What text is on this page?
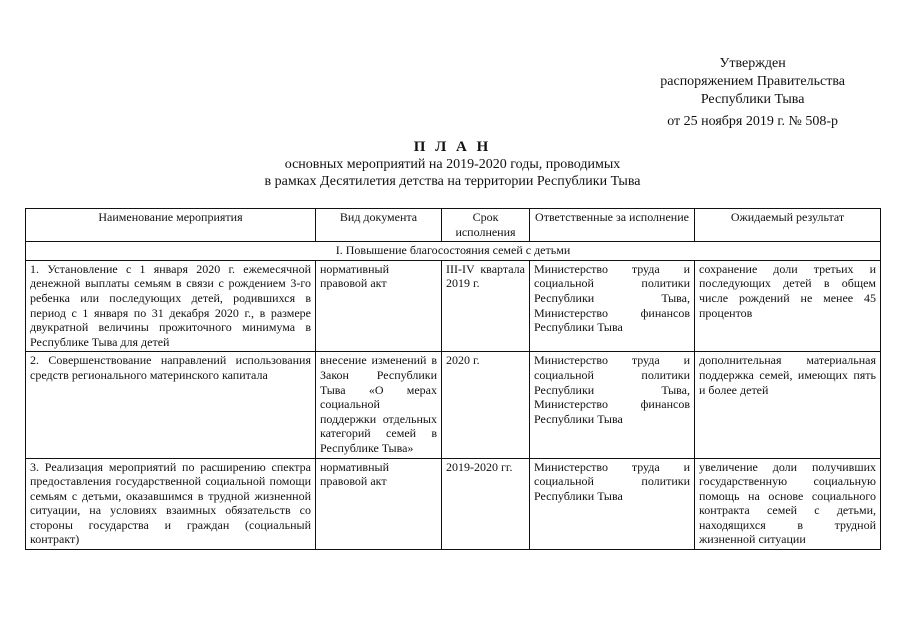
Утвержден
распоряжением Правительства
Республики Тыва
от 25 ноября 2019 г. № 508-р
П Л А Н
основных мероприятий на 2019-2020 годы, проводимых
в рамках Десятилетия детства на территории Республики Тыва
Наименование мероприятия	Вид документа	Срок исполнения	Ответственные за исполнение	Ожидаемый результат
I. Повышение благосостояния семей с детьми				
1. Установление с 1 января 2020 г. ежемесячной денежной выплаты семьям в связи с рождением 3-го ребенка или последующих детей, родившихся в период с 1 января по 31 декабря 2020 г., в размере двукратной величины прожиточного минимума в Республике Тыва для детей	нормативный правовой акт	III-IV квартала 2019 г.	Министерство труда и социальной политики Республики Тыва, Министерство финансов Республики Тыва	сохранение доли третьих и последующих детей в общем числе рождений не менее 45 процентов
2. Совершенствование направлений использования средств регионального материнского капитала	внесение изменений в Закон Республики Тыва «О мерах социальной поддержки отдельных категорий семей в Республике Тыва»	2020 г.	Министерство труда и социальной политики Республики Тыва, Министерство финансов Республики Тыва	дополнительная материальная поддержка семей, имеющих пять и более детей
3. Реализация мероприятий по расширению спектра предоставления государственной социальной помощи семьям с детьми, оказавшимся в трудной жизненной ситуации, на условиях взаимных обязательств со стороны государства и граждан (социальный контракт)	нормативный правовой акт	2019-2020 гг.	Министерство труда и социальной политики Республики Тыва	увеличение доли получивших государственную социальную помощь на основе социального контракта семей с детьми, находящихся в трудной жизненной ситуации
